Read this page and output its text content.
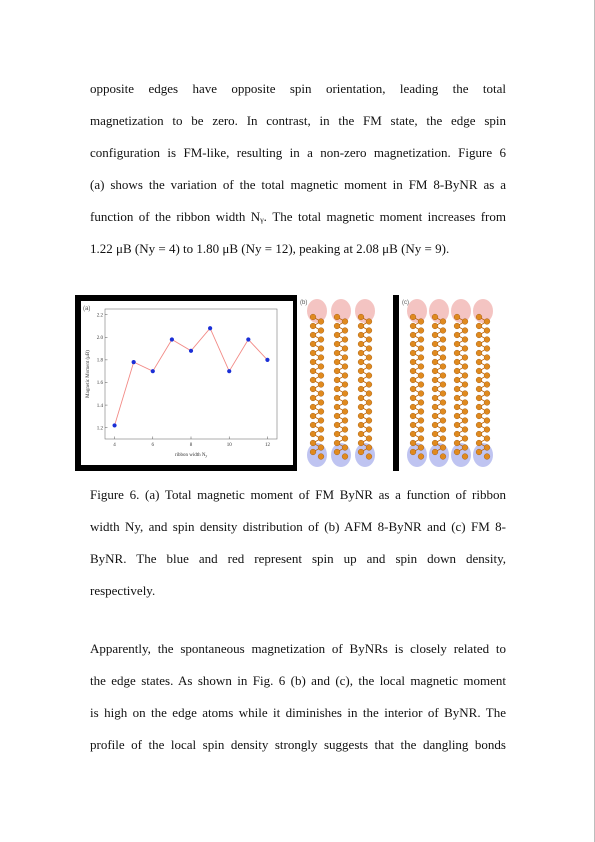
opposite edges have opposite spin orientation, leading the total
magnetization to be zero. In contrast, in the FM state, the edge spin
configuration is FM-like, resulting in a non-zero magnetization. Figure 6
(a) shows the variation of the total magnetic moment in FM 8-ByNR as a
function of the ribbon width Nᵧ. The total magnetic moment increases from
1.22 μB (Ny = 4) to 1.80 μB (Ny = 12), peaking at 2.08 μB (Ny = 9).
(a)
4	6	8	10	12
1.2
1.4
1.6
1.8
2.0
2.2
ribbon width $N_y$
Magnetic Moment (μB)
(b)	(c)
Figure 6. (a) Total magnetic moment of FM ByNR as a function of ribbon
width Ny, and spin density distribution of (b) AFM 8-ByNR and (c) FM 8-
ByNR. The blue and red represent spin up and spin down density,
respectively.
Apparently, the spontaneous magnetization of ByNRs is closely related to
the edge states. As shown in Fig. 6 (b) and (c), the local magnetic moment
is high on the edge atoms while it diminishes in the interior of ByNR. The
profile of the local spin density strongly suggests that the dangling bonds
